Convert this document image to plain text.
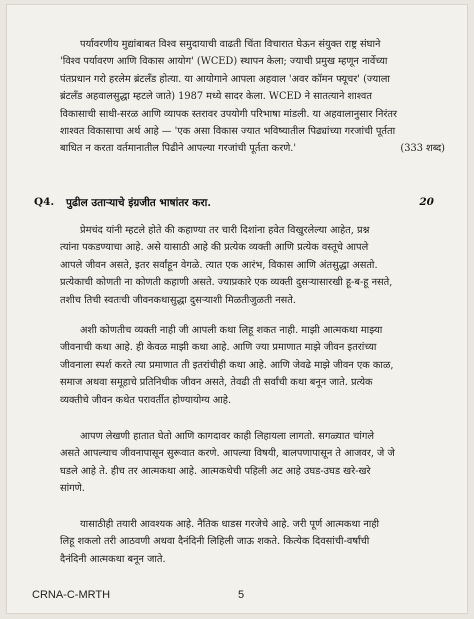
पर्यावरणीय मुद्यांबाबत विश्व समुदायाची वाढती चिंता विचारात घेऊन संयुक्त राष्ट्र संघाने
'विश्व पर्यावरण आणि विकास आयोग' (WCED) स्थापन केला; ज्याची प्रमुख म्हणून नार्वेच्या
पंतप्रधान गरो हरलेम ब्रंटलँड होत्या. या आयोगाने आपला अहवाल 'अवर कॉमन फ्यूचर' (ज्याला
ब्रंटलँड अहवालसुद्धा म्हटले जाते) 1987 मध्ये सादर केला. WCED ने सातत्याने शाश्वत
विकासाची साधी-सरळ आणि व्यापक स्तरावर उपयोगी परिभाषा मांडली. या अहवालानुसार निरंतर
शाश्वत विकासाचा अर्थ आहे — 'एक असा विकास ज्यात भविष्यातील पिढ्यांच्या गरजांची पूर्तता
बाधित न करता वर्तमानातील पिढीने आपल्या गरजांची पूर्तता करणे.'	(333 शब्द)
Q4. पुढील उताऱ्याचे इंग्रजीत भाषांतर करा.	20
प्रेमचंद यांनी म्हटले होते की कहाण्या तर चारी दिशांना हवेत विखुरलेल्या आहेत, प्रश्न
त्यांना पकडण्याचा आहे. असे यासाठी आहे की प्रत्येक व्यक्ती आणि प्रत्येक वस्तूचे आपले
आपले जीवन असते, इतर सर्वांहून वेगळे. त्यात एक आरंभ, विकास आणि अंतसुद्धा असतो.
प्रत्येकाची कोणती ना कोणती कहाणी असते. ज्याप्रकारे एक व्यक्ती दुसऱ्यासारखी हू-ब-हू नसते,
तशीच तिची स्वतःची जीवनकथासुद्धा दुसऱ्याशी मिळतीजुळती नसते.
अशी कोणतीच व्यक्ती नाही जी आपली कथा लिहू शकत नाही. माझी आत्मकथा माझ्या
जीवनाची कथा आहे. ही केवळ माझी कथा आहे. आणि ज्या प्रमाणात माझे जीवन इतरांच्या
जीवनाला स्पर्श करते त्या प्रमाणात ती इतरांचीही कथा आहे. आणि जेवढे माझे जीवन एक काळ,
समाज अथवा समूहाचे प्रतिनिधीक जीवन असते, तेवढी ती सर्वांची कथा बनून जाते. प्रत्येक
व्यक्तीचे जीवन कथेत परावर्तीत होण्यायोग्य आहे.
आपण लेखणी हातात घेतो आणि कागदावर काही लिहायला लागतो. सगळ्यात चांगले
असते आपल्याच जीवनापासून सुरूवात करणे. आपल्या विषयी, बालपणापासून ते आजवर, जे जे
घडले आहे ते. हीच तर आत्मकथा आहे. आत्मकथेची पहिली अट आहे उघड-उघड खरे-खरे
सांगणे.
यासाठीही तयारी आवश्यक आहे. नैतिक धाडस गरजेचे आहे. जरी पूर्ण आत्मकथा नाही
लिहू शकलो तरी आठवणी अथवा दैनंदिनी लिहिली जाऊ शकते. कित्येक दिवसांची-वर्षांची
दैनंदिनी आत्मकथा बनून जाते.
CRNA-C-MRTH	5
